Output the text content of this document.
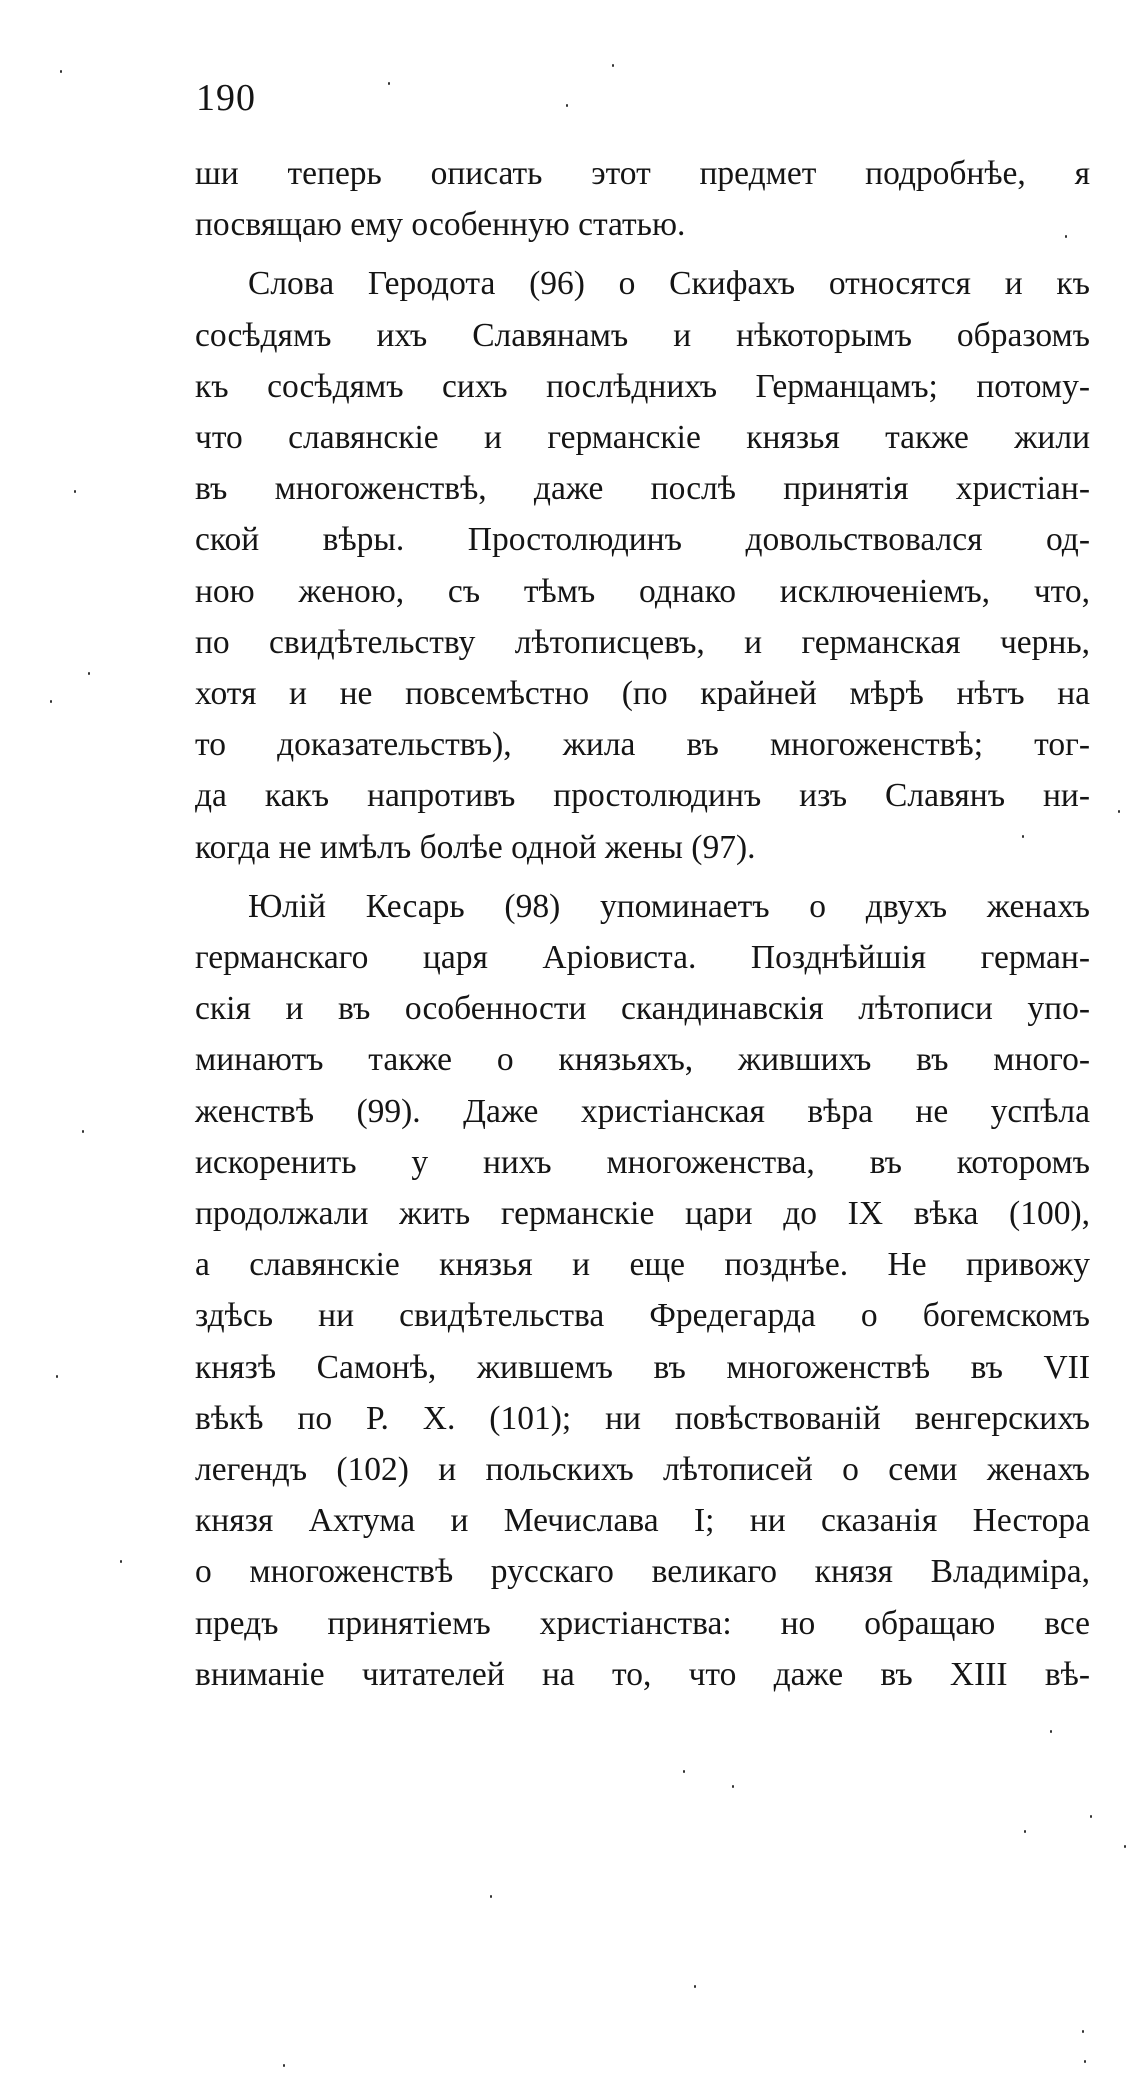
190
ши теперь описать этот предмет подробнѣе, я
посвящаю ему особенную статью.
Слова Геродота (96) о Скифахъ относятся и къ
сосѣдямъ ихъ Славянамъ и нѣкоторымъ образомъ
къ сосѣдямъ сихъ послѣднихъ Германцамъ; потому-
что славянскіе и германскіе князья также жили
въ многоженствѣ, даже послѣ принятія христіан-
ской вѣры. Простолюдинъ довольствовался од-
ною женою, съ тѣмъ однако исключеніемъ, что,
по свидѣтельству лѣтописцевъ, и германская чернь,
хотя и не повсемѣстно (по крайней мѣрѣ нѣтъ на
то доказательствъ), жила въ многоженствѣ; тог-
да какъ напротивъ простолюдинъ изъ Славянъ ни-
когда не имѣлъ болѣе одной жены (97).
Юлій Кесарь (98) упоминаетъ о двухъ женахъ
германскаго царя Аріовиста. Позднѣйшія герман-
скія и въ особенности скандинавскія лѣтописи упо-
минаютъ также о князьяхъ, жившихъ въ много-
женствѣ (99). Даже христіанская вѣра не успѣла
искоренить у нихъ многоженства, въ которомъ
продолжали жить германскіе цари до IX вѣка (100),
а славянскіе князья и еще позднѣе. Не привожу
здѣсь ни свидѣтельства Фредегарда о богемскомъ
князѣ Самонѣ, жившемъ въ многоженствѣ въ VII
вѣкѣ по Р. Х. (101); ни повѣствованій венгерскихъ
легендъ (102) и польскихъ лѣтописей о семи женахъ
князя Ахтума и Мечислава I; ни сказанія Нестора
о многоженствѣ русскаго великаго князя Владиміра,
предъ принятіемъ христіанства: но обращаю все
вниманіе читателей на то, что даже въ XIII вѣ-
